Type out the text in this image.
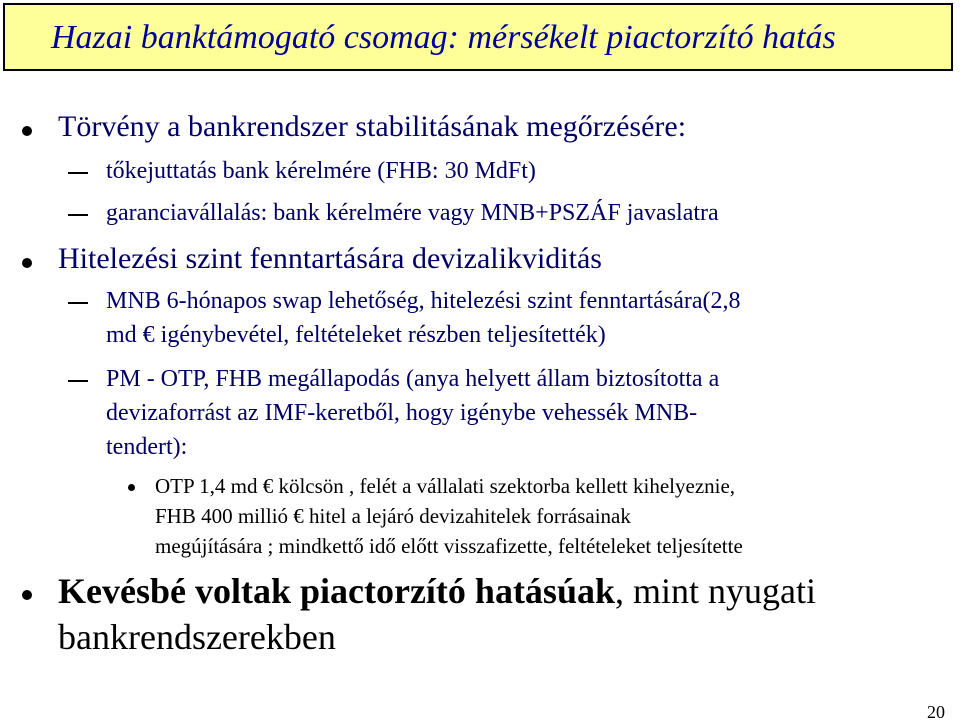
Hazai banktámogató csomag: mérsékelt piactorzító hatás
Törvény a bankrendszer stabilitásának megőrzésére:
tőkejuttatás bank kérelmére (FHB: 30 MdFt)
garanciavállalás: bank kérelmére vagy MNB+PSZÁF javaslatra
Hitelezési szint fenntartására devizalikviditás
MNB 6-hónapos swap lehetőség, hitelezési szint fenntartására(2,8
md € igénybevétel, feltételeket részben teljesítették)
PM - OTP, FHB megállapodás (anya helyett állam biztosította a
devizaforrást az IMF-keretből, hogy igénybe vehessék MNB-
tendert):
OTP 1,4 md € kölcsön , felét a vállalati szektorba kellett kihelyeznie,
FHB 400 millió € hitel a lejáró devizahitelek forrásainak
megújítására ; mindkettő idő előtt visszafizette, feltételeket teljesítette
Kevésbé voltak piactorzító hatásúak, mint nyugati
bankrendszerekben
20
